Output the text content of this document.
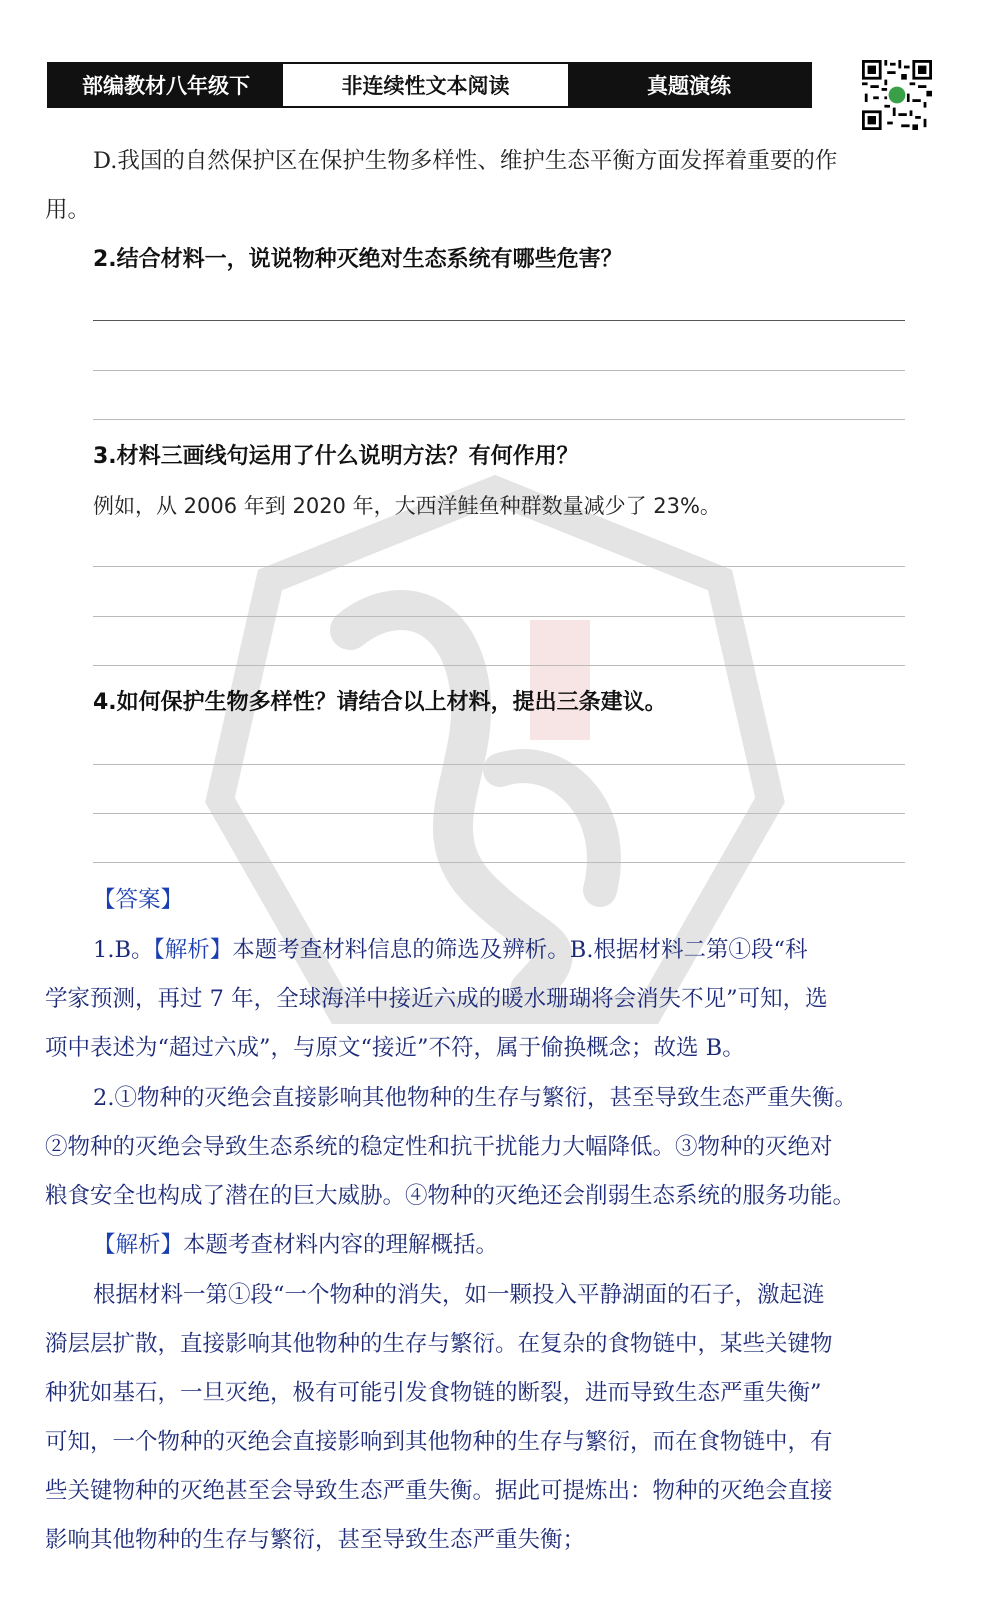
部编教材八年级下	非连续性文本阅读	真题演练
D.我国的自然保护区在保护生物多样性、维护生态平衡方面发挥着重要的作
用。
2.结合材料一，说说物种灭绝对生态系统有哪些危害？
3.材料三画线句运用了什么说明方法？有何作用？
例如，从 2006 年到 2020 年，大西洋鲑鱼种群数量减少了 23%。
4.如何保护生物多样性？请结合以上材料，提出三条建议。
【答案】
1.B。【解析】本题考查材料信息的筛选及辨析。B.根据材料二第①段“科
学家预测，再过 7 年，全球海洋中接近六成的暖水珊瑚将会消失不见”可知，选
项中表述为“超过六成”，与原文“接近”不符，属于偷换概念；故选 B。
2.①物种的灭绝会直接影响其他物种的生存与繁衍，甚至导致生态严重失衡。
②物种的灭绝会导致生态系统的稳定性和抗干扰能力大幅降低。③物种的灭绝对
粮食安全也构成了潜在的巨大威胁。④物种的灭绝还会削弱生态系统的服务功能。
【解析】本题考查材料内容的理解概括。
根据材料一第①段“一个物种的消失，如一颗投入平静湖面的石子，激起涟
漪层层扩散，直接影响其他物种的生存与繁衍。在复杂的食物链中，某些关键物
种犹如基石，一旦灭绝，极有可能引发食物链的断裂，进而导致生态严重失衡”
可知，一个物种的灭绝会直接影响到其他物种的生存与繁衍，而在食物链中，有
些关键物种的灭绝甚至会导致生态严重失衡。据此可提炼出：物种的灭绝会直接
影响其他物种的生存与繁衍，甚至导致生态严重失衡；
